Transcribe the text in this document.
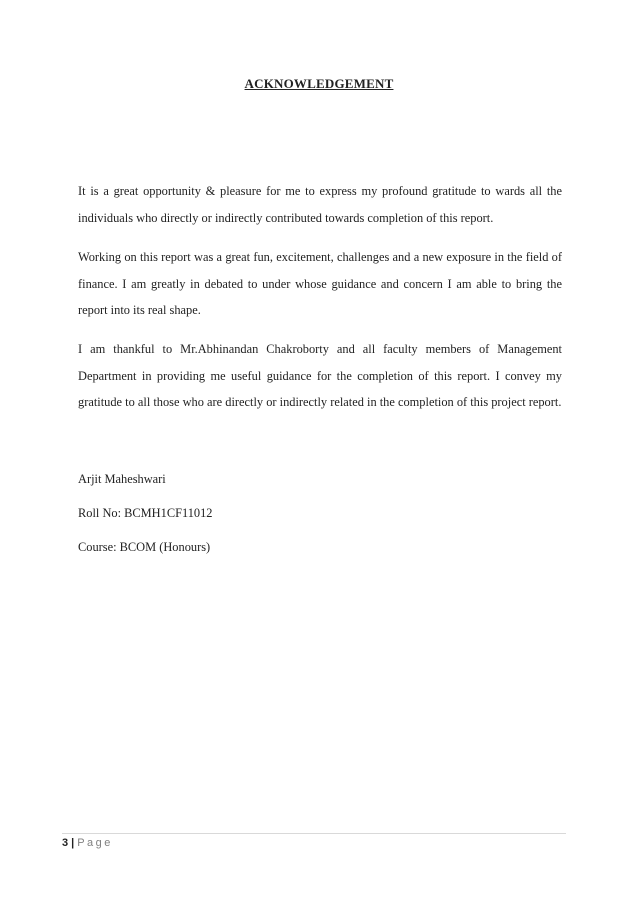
ACKNOWLEDGEMENT
It is a great opportunity & pleasure for me to express my profound gratitude to wards all the individuals who directly or indirectly contributed towards completion of this report.
Working on this report was a great fun, excitement, challenges and a new exposure in the field of finance. I am greatly in debated to under whose guidance and concern I am able to bring the report into its real shape.
I am thankful to Mr.Abhinandan Chakroborty and all faculty members of Management Department in providing me useful guidance for the completion of this report. I convey my gratitude to all those who are directly or indirectly related in the completion of this project report.
Arjit Maheshwari
Roll No: BCMH1CF11012
Course: BCOM (Honours)
3 | Page
